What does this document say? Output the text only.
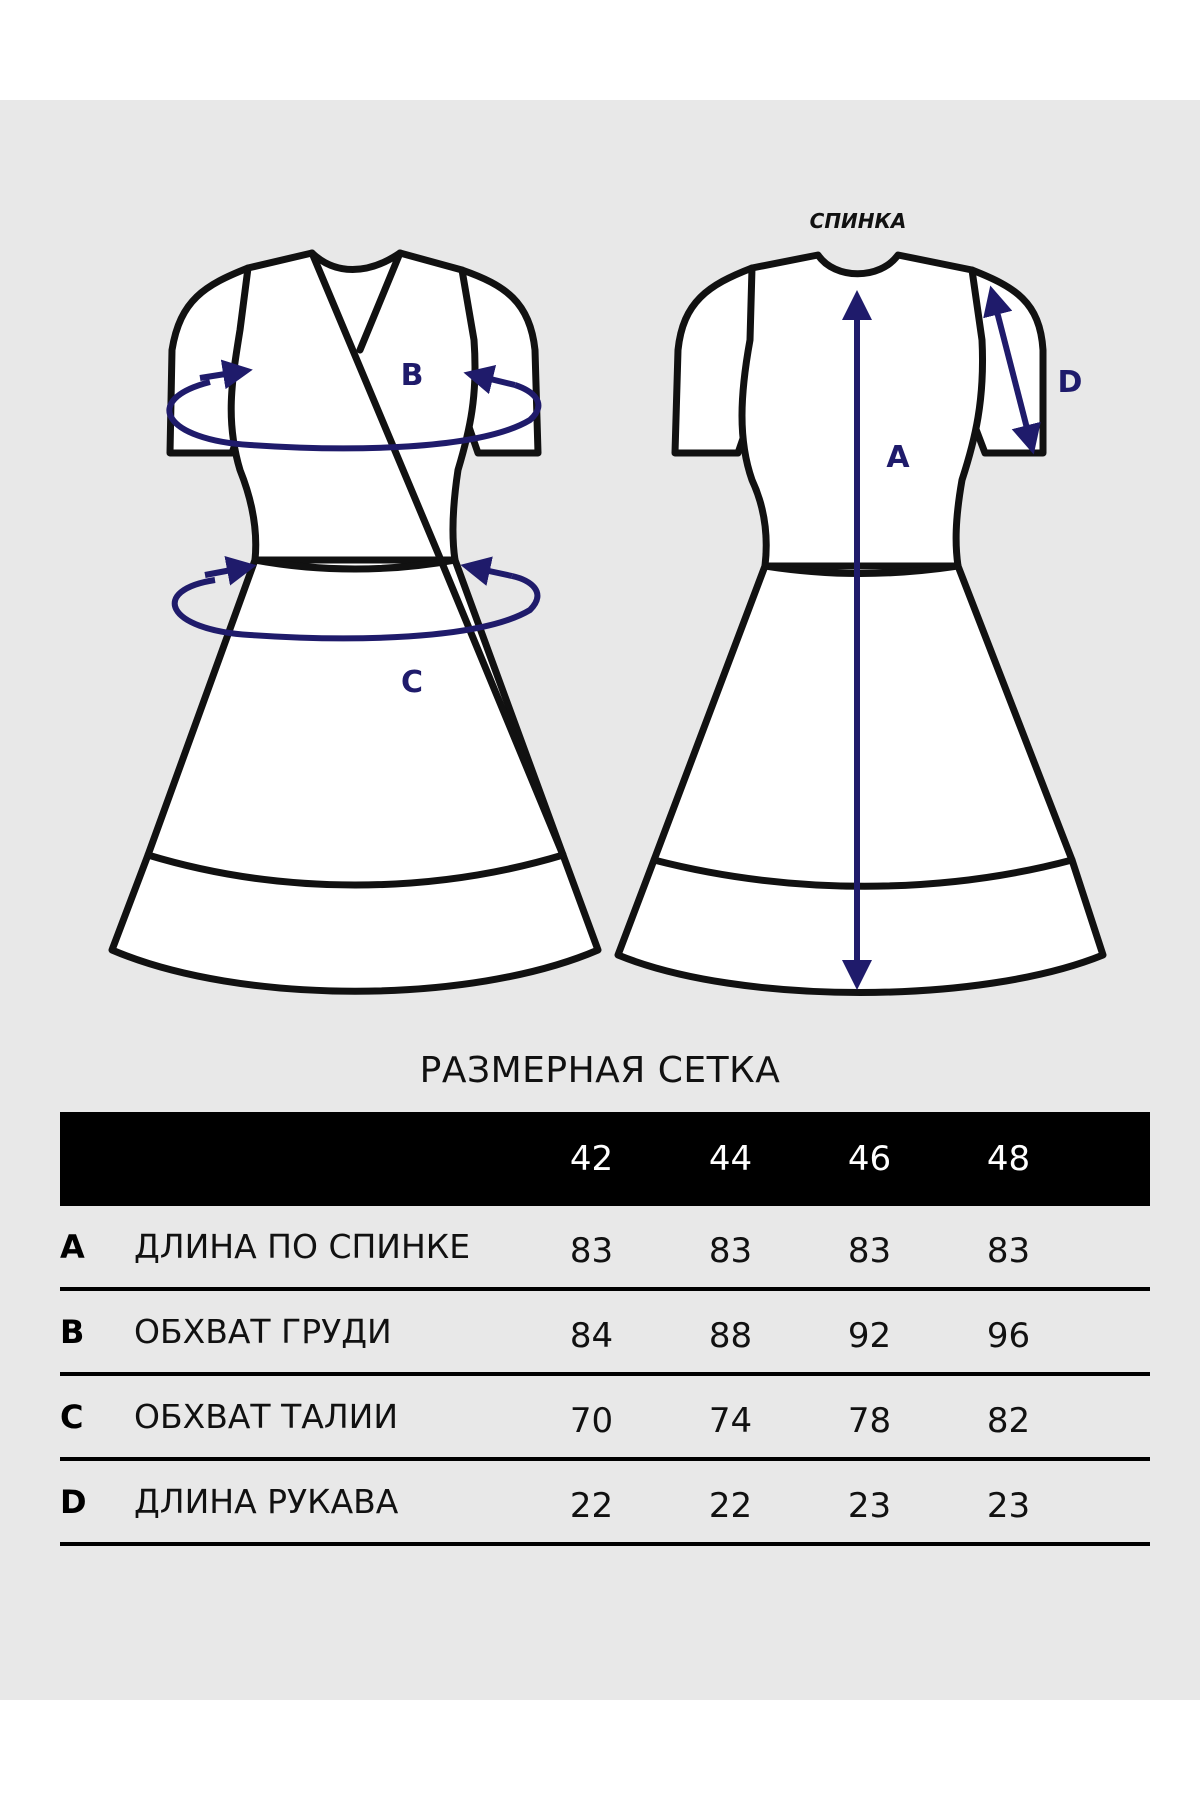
СПИНКА
B
C
A
D
РАЗМЕРНАЯ СЕТКА
42	44	46	48
A	ДЛИНА ПО СПИНКЕ	83	83	83	83
B	ОБХВАТ ГРУДИ	84	88	92	96
C	ОБХВАТ ТАЛИИ	70	74	78	82
D	ДЛИНА РУКАВА	22	22	23	23
